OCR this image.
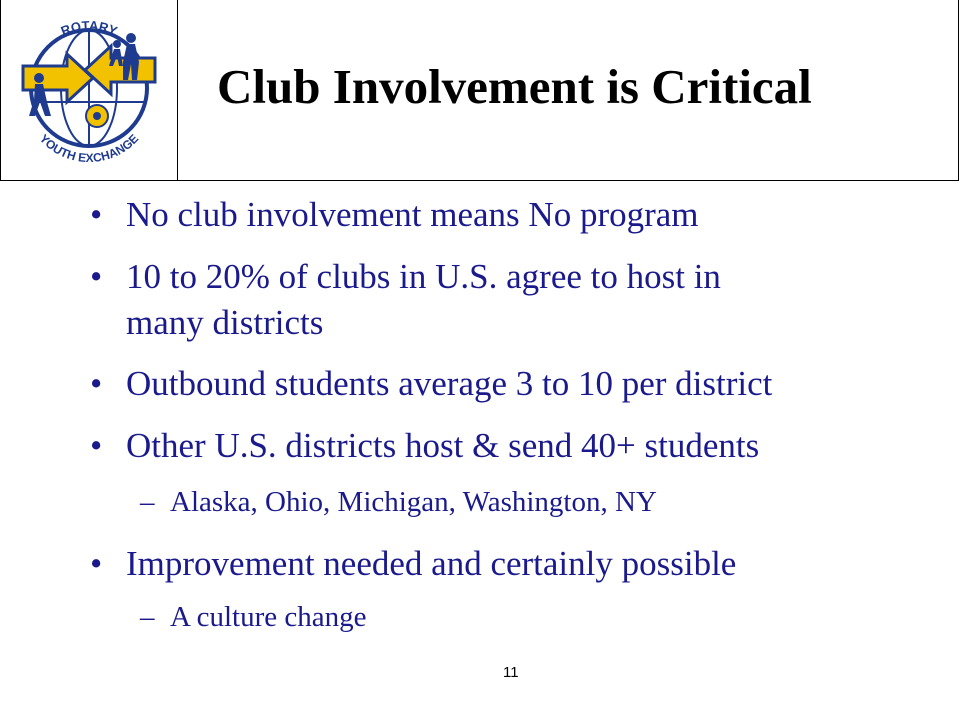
ROTARY
YOUTH EXCHANGE
Club Involvement is Critical
• No club involvement means No program
• 10 to 20% of clubs in U.S. agree to host in
many districts
• Outbound students average 3 to 10 per district
• Other U.S. districts host & send 40+ students
– Alaska, Ohio, Michigan, Washington, NY
• Improvement needed and certainly possible
– A culture change
11
